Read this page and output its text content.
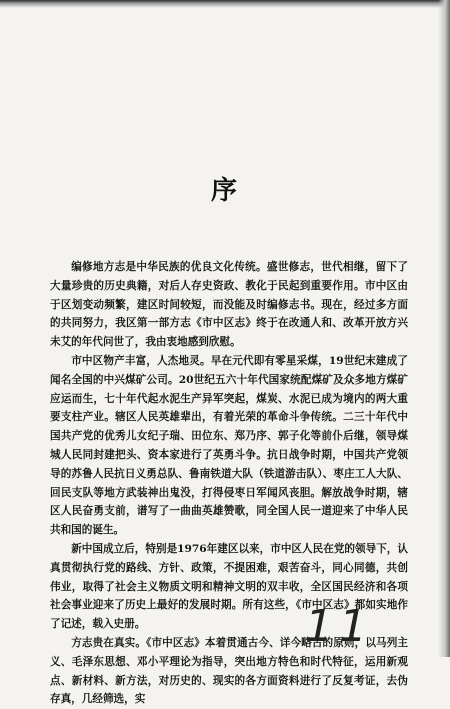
序

编修地方志是中华民族的优良文化传统。盛世修志，世代相继，留下了大量珍贵的历史典籍，对后人存史资政、教化于民起到重要作用。市中区由于区划变动频繁，建区时间较短，而没能及时编修志书。现在，经过多方面的共同努力，我区第一部方志《市中区志》终于在改通人和、改革开放方兴未艾的年代问世了，我由衷地感到欣慰。

市中区物产丰富，人杰地灵。早在元代即有零星采煤，19世纪末建成了闻名全国的中兴煤矿公司。20世纪五六十年代国家统配煤矿及众多地方煤矿应运而生，七十年代起水泥生产异军突起，煤炭、水泥已成为境内的两大重要支柱产业。辖区人民英雄辈出，有着光荣的革命斗争传统。二三十年代中国共产党的优秀儿女纪子瑞、田位东、郑乃序、郭子化等前仆后继，领导煤城人民同封建把头、资本家进行了英勇斗争。抗日战争时期，中国共产党领导的苏鲁人民抗日义勇总队、鲁南铁道大队（铁道游击队）、枣庄工人大队、回民支队等地方武装神出鬼没，打得侵枣日军闻风丧胆。解放战争时期，辖区人民奋勇支前，谱写了一曲曲英雄赞歌，同全国人民一道迎来了中华人民共和国的诞生。

新中国成立后，特别是1976年建区以来，市中区人民在党的领导下，认真贯彻执行党的路线、方针、政策，不提困难，艰苦奋斗，同心同德，共创伟业，取得了社会主义物质文明和精神文明的双丰收，全区国民经济和各项社会事业迎来了历史上最好的发展时期。所有这些，《市中区志》都如实地作了记述，载入史册。

方志贵在真实。《市中区志》本着贯通古今、详今略古的原则，以马列主义、毛泽东思想、邓小平理论为指导，突出地方特色和时代特征，运用新观点、新材料、新方法，对历史的、现实的各方面资料进行了反复考证，去伪存真，几经筛选，实

11
